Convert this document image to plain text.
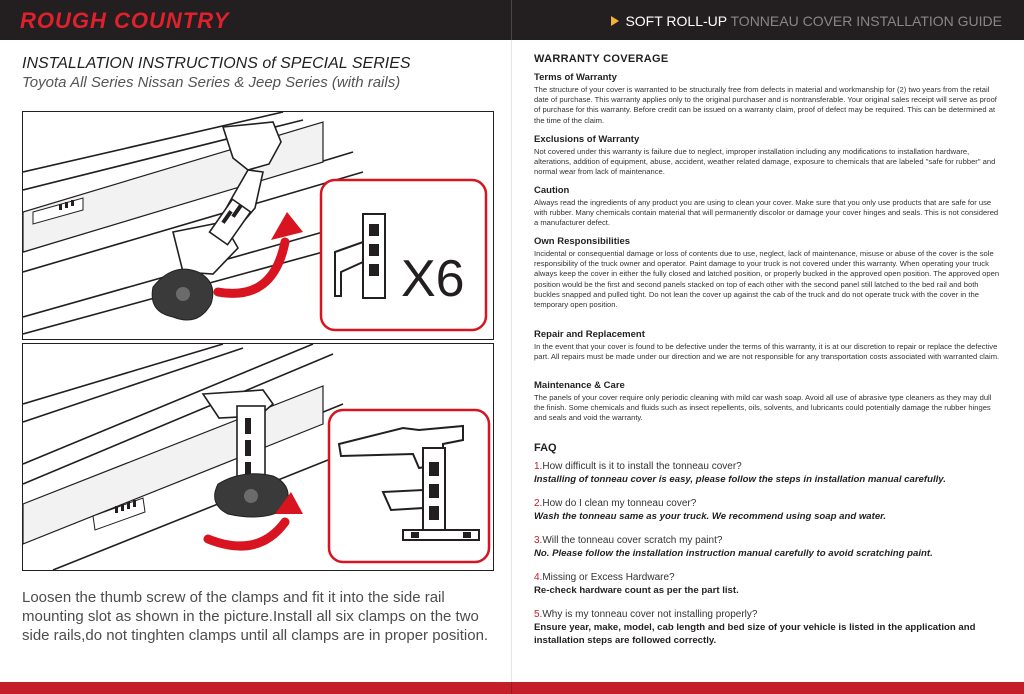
ROUGH COUNTRY	SOFT ROLL-UP TONNEAU COVER INSTALLATION GUIDE
INSTALLATION INSTRUCTIONS of SPECIAL SERIES
Toyota All Series Nissan Series & Jeep Series (with rails)
X6
Loosen the thumb screw of the clamps and fit it into the side rail mounting slot as shown in the picture.Install all six clamps on the two side rails,do not tinghten clamps until all clamps are in proper position.
WARRANTY COVERAGE
Terms of Warranty
The structure of your cover is warranted to be structurally free from defects in material and workmanship for (2) two years from the retail date of purchase. This warranty applies only to the original purchaser and is nontransferable. Your original sales receipt will serve as proof of purchase for this warranty. Before credit can be issued on a warranty claim, proof of defect may be required. This can be determined at the time of the claim.
Exclusions of Warranty
Not covered under this warranty is failure due to neglect, improper installation including any modifications to installation hardware, alterations, addition of equipment, abuse, accident, weather related damage, exposure to chemicals that are labeled "safe for rubber" and normal wear from lack of maintenance.
Caution
Always read the ingredients of any product you are using to clean your cover. Make sure that you only use products that are safe for use with rubber. Many chemicals contain material that will permanently discolor or damage your cover hinges and seals. This is not considered a manufacturer defect.
Own Responsibilities
Incidental or consequential damage or loss of contents due to use, neglect, lack of maintenance, misuse or abuse of the cover is the sole responsibility of the truck owner and operator. Paint damage to your truck is not covered under this warranty. When operating your truck always keep the cover in either the fully closed and latched position, or properly bucked in the approved open position. The approved open position would be the first and second panels stacked on top of each other with the second panel still latched to the bed rail and both buckles snapped and pulled tight. Do not lean the cover up against the cab of the truck and do not operate truck with the cover in the temporary open position.
Repair and Replacement
In the event that your cover is found to be defective under the terms of this warranty, it is at our discretion to repair or replace the defective part. All repairs must be made under our direction and we are not responsible for any transportation costs associated with warranted claim.
Maintenance & Care
The panels of your cover require only periodic cleaning with mild car wash soap. Avoid all use of abrasive type cleaners as they may dull the finish. Some chemicals and fluids such as insect repellents, oils, solvents, and lubricants could potentially damage the rubber hinges and seals and void the warranty.
FAQ
1.How difficult is it to install the tonneau cover?
Installing of tonneau cover is easy, please follow the steps in installation manual carefully.
2.How do I clean my tonneau cover?
Wash the tonneau same as your truck. We recommend using soap and water.
3.Will the tonneau cover scratch my paint?
No. Please follow the installation instruction manual carefully to avoid scratching paint.
4.Missing or Excess Hardware?
Re-check hardware count as per the part list.
5.Why is my tonneau cover not installing properly?
Ensure year, make, model, cab length and bed size of your vehicle is listed in the application and installation steps are followed correctly.
